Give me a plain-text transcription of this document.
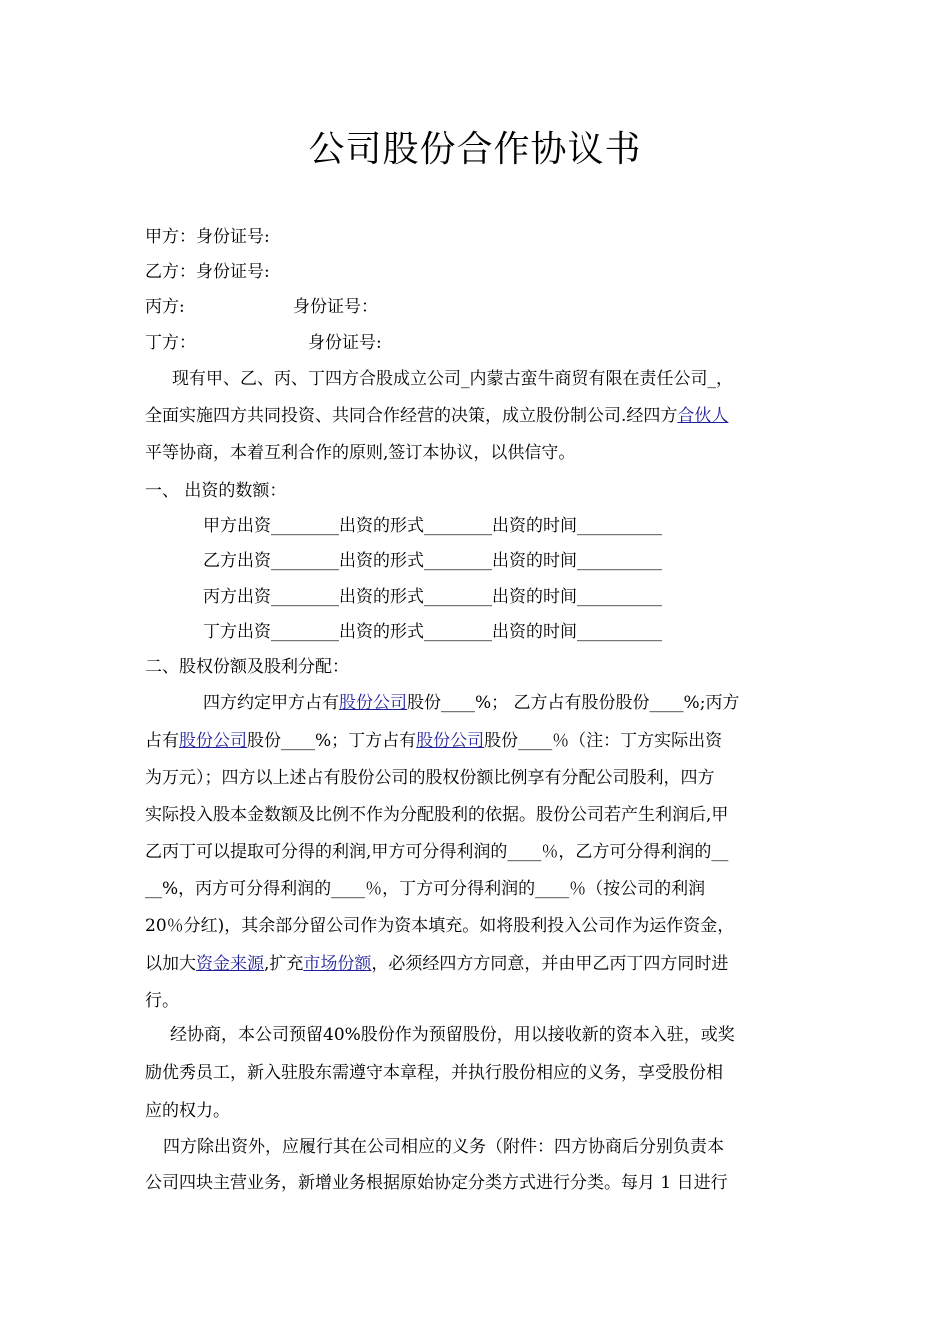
公司股份合作协议书
甲方：身份证号:
乙方：身份证号:
丙方:	身份证号：
丁方：	身份证号:
现有甲、乙、丙、丁四方合股成立公司_内蒙古蛮牛商贸有限在责任公司_，
全面实施四方共同投资、共同合作经营的决策，成立股份制公司.经四方合伙人
平等协商，本着互利合作的原则,签订本协议，以供信守。
一、 出资的数额：
甲方出资________出资的形式________出资的时间__________
乙方出资________出资的形式________出资的时间__________
丙方出资________出资的形式________出资的时间__________
丁方出资________出资的形式________出资的时间__________
二、股权份额及股利分配：
四方约定甲方占有股份公司股份____%； 乙方占有股份股份____%;丙方
占有股份公司股份____%；丁方占有股份公司股份____％（注：丁方实际出资
为万元）；四方以上述占有股份公司的股权份额比例享有分配公司股利，四方
实际投入股本金数额及比例不作为分配股利的依据。股份公司若产生利润后,甲
乙丙丁可以提取可分得的利润,甲方可分得利润的____％，乙方可分得利润的__
__%，丙方可分得利润的____％，丁方可分得利润的____％（按公司的利润
20％分红)，其余部分留公司作为资本填充。如将股利投入公司作为运作资金，
以加大资金来源,扩充市场份额，必须经四方方同意，并由甲乙丙丁四方同时进
行。
经协商，本公司预留40%股份作为预留股份，用以接收新的资本入驻，或奖
励优秀员工，新入驻股东需遵守本章程，并执行股份相应的义务，享受股份相
应的权力。
四方除出资外，应履行其在公司相应的义务（附件：四方协商后分别负责本
公司四块主营业务，新增业务根据原始协定分类方式进行分类。每月 1 日进行
